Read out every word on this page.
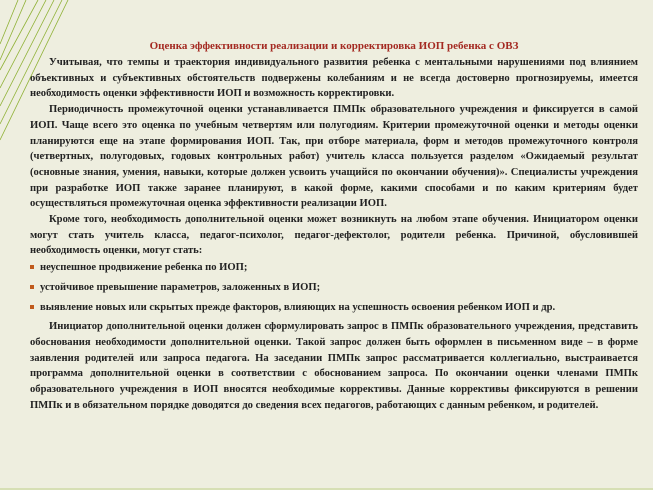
Оценка эффективности реализации и корректировка ИОП ребенка с ОВЗ

Учитывая, что темпы и траектория индивидуального развития ребенка с ментальными нарушениями под влиянием объективных и субъективных обстоятельств подвержены колебаниям и не всегда достоверно прогнозируемы, имеется необходимость оценки эффективности ИОП и возможность корректировки.

Периодичность промежуточной оценки устанавливается ПМПк образовательного учреждения и фиксируется в самой ИОП. Чаще всего это оценка по учебным четвертям или полугодиям. Критерии промежуточной оценки и методы оценки планируются еще на этапе формирования ИОП. Так, при отборе материала, форм и методов промежуточного контроля (четвертных, полугодовых, годовых контрольных работ) учитель класса пользуется разделом «Ожидаемый результат (основные знания, умения, навыки, которые должен усвоить учащийся по окончании обучения)». Специалисты учреждения при разработке ИОП также заранее планируют, в какой форме, какими способами и по каким критериям будет осуществляться промежуточная оценка эффективности реализации ИОП.

Кроме того, необходимость дополнительной оценки может возникнуть на любом этапе обучения. Инициатором оценки могут стать учитель класса, педагог-психолог, педагог-дефектолог, родители ребенка. Причиной, обусловившей необходимость оценки, могут стать:

неуспешное продвижение ребенка по ИОП;
устойчивое превышение параметров, заложенных в ИОП;
выявление новых или скрытых прежде факторов, влияющих на успешность освоения ребенком ИОП и др.

Инициатор дополнительной оценки должен сформулировать запрос в ПМПк образовательного учреждения, представить обоснования необходимости дополнительной оценки. Такой запрос должен быть оформлен в письменном виде – в форме заявления родителей или запроса педагога. На заседании ПМПк запрос рассматривается коллегиально, выстраивается программа дополнительной оценки в соответствии с обоснованием запроса. По окончании оценки членами ПМПк образовательного учреждения в ИОП вносятся необходимые коррективы. Данные коррективы фиксируются в решении ПМПк и в обязательном порядке доводятся до сведения всех педагогов, работающих с данным ребенком, и родителей.
